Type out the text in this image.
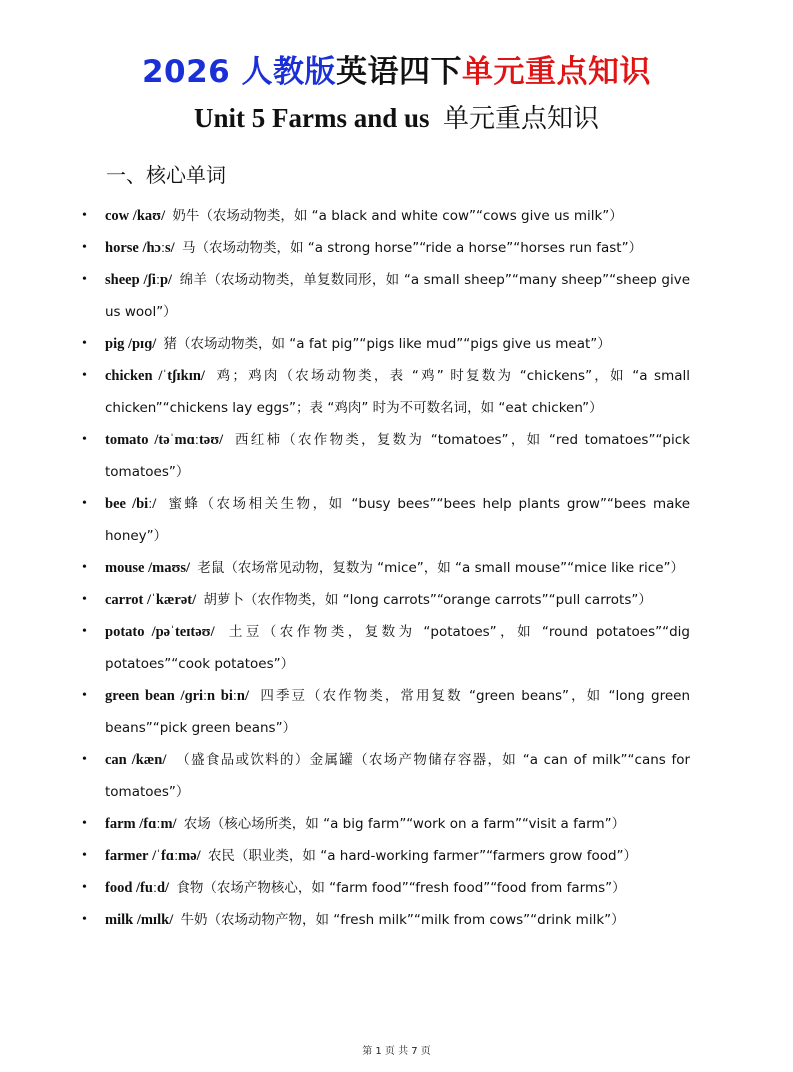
2026 人教版英语四下单元重点知识
Unit 5 Farms and us 单元重点知识
一、核心单词
• cow /kaʊ/ 奶牛（农场动物类，如 “a black and white cow”“cows give us milk”）
• horse /hɔːs/ 马（农场动物类，如 “a strong horse”“ride a horse”“horses run fast”）
• sheep /ʃiːp/ 绵羊（农场动物类，单复数同形，如 “a small sheep”“many sheep”“sheep give us wool”）
• pig /pɪɡ/ 猪（农场动物类，如 “a fat pig”“pigs like mud”“pigs give us meat”）
• chicken /ˈtʃɪkɪn/ 鸡；鸡肉（农场动物类，表 “鸡” 时复数为 “chickens”，如 “a small chicken”“chickens lay eggs”；表 “鸡肉” 时为不可数名词，如 “eat chicken”）
• tomato /təˈmɑːtəʊ/ 西红柿（农作物类，复数为 “tomatoes”，如 “red tomatoes”“pick tomatoes”）
• bee /biː/ 蜜蜂（农场相关生物，如 “busy bees”“bees help plants grow”“bees make honey”）
• mouse /maʊs/ 老鼠（农场常见动物，复数为 “mice”，如 “a small mouse”“mice like rice”）
• carrot /ˈkærət/ 胡萝卜（农作物类，如 “long carrots”“orange carrots”“pull carrots”）
• potato /pəˈteɪtəʊ/ 土豆（农作物类，复数为 “potatoes”，如 “round potatoes”“dig potatoes”“cook potatoes”）
• green bean /ɡriːn biːn/ 四季豆（农作物类，常用复数 “green beans”，如 “long green beans”“pick green beans”）
• can /kæn/ （盛食品或饮料的）金属罐（农场产物储存容器，如 “a can of milk”“cans for tomatoes”）
• farm /fɑːm/ 农场（核心场所类，如 “a big farm”“work on a farm”“visit a farm”）
• farmer /ˈfɑːmə/ 农民（职业类，如 “a hard-working farmer”“farmers grow food”）
• food /fuːd/ 食物（农场产物核心，如 “farm food”“fresh food”“food from farms”）
• milk /mɪlk/ 牛奶（农场动物产物，如 “fresh milk”“milk from cows”“drink milk”）
第 1 页 共 7 页
